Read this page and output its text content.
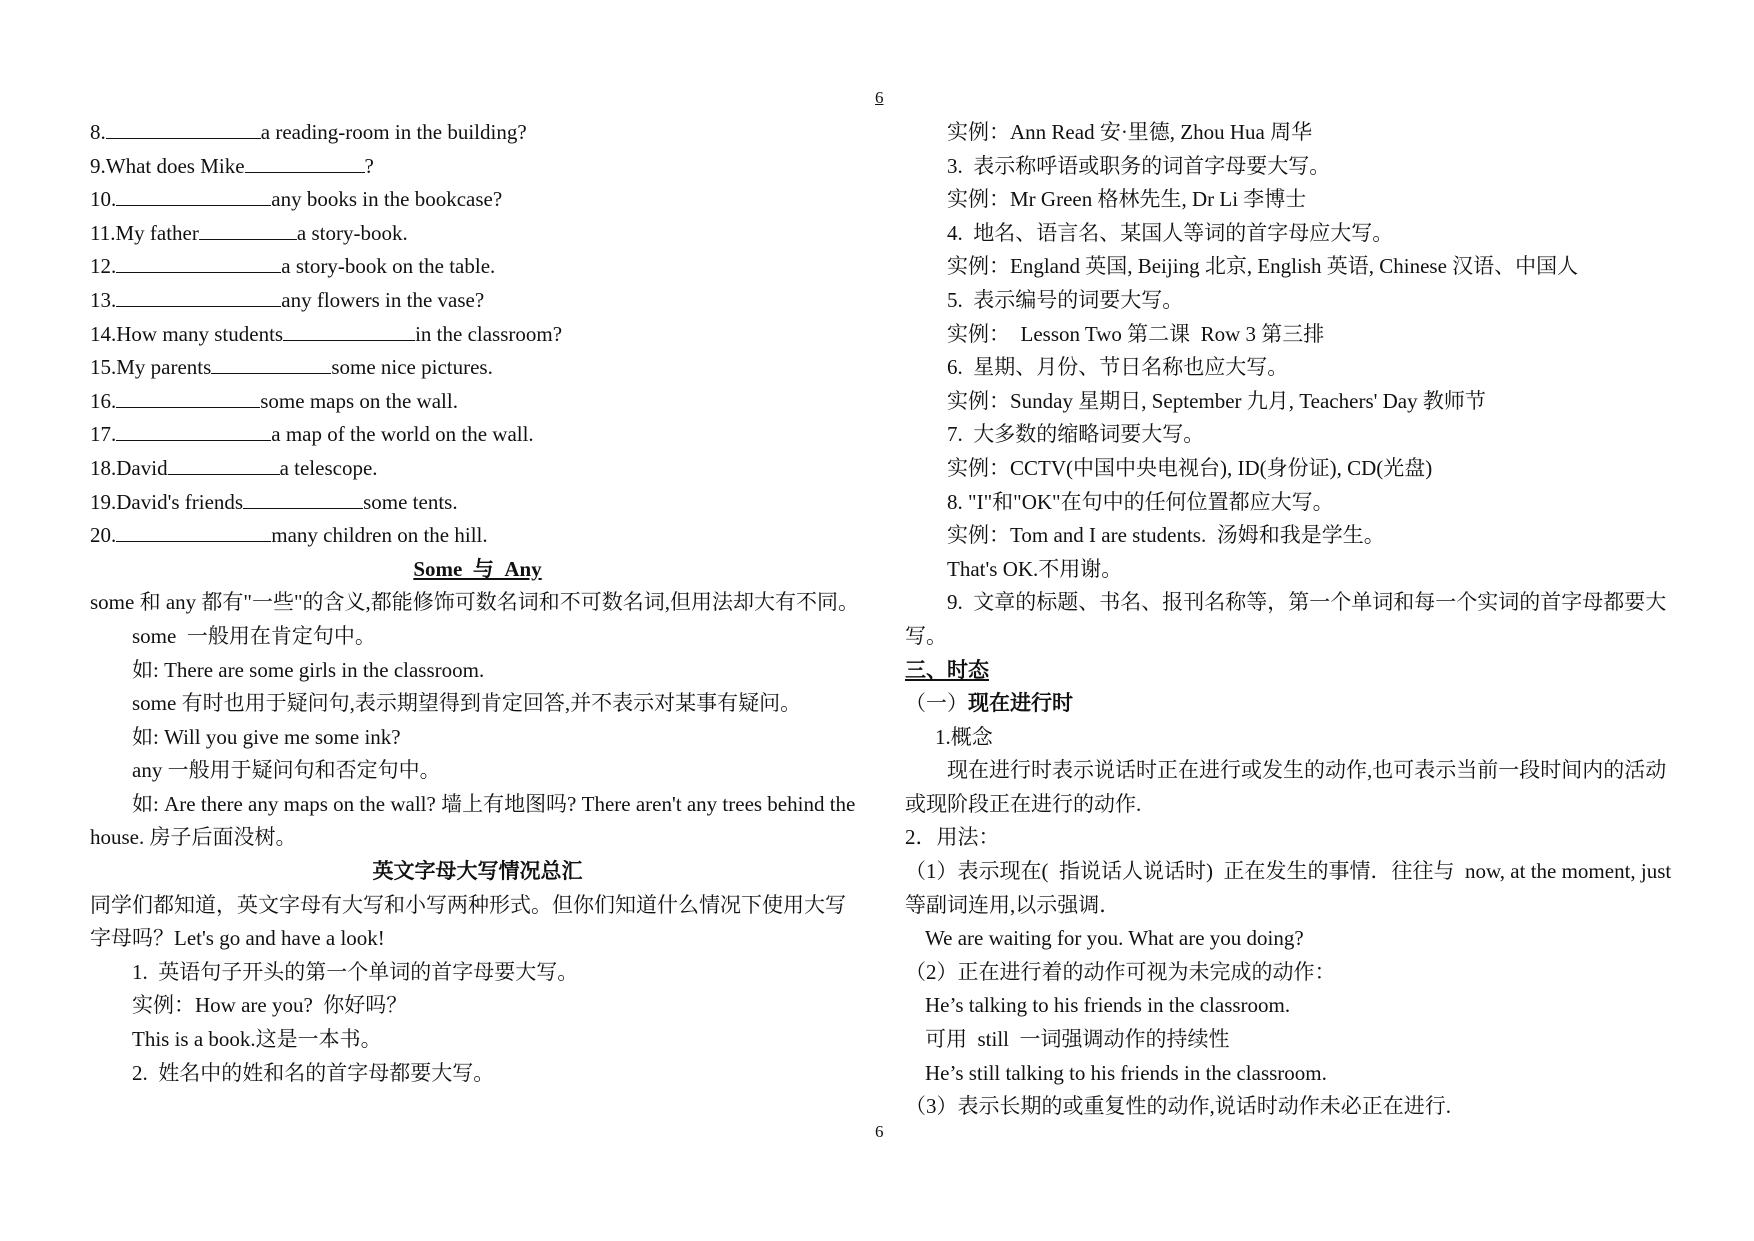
6
8.	a reading-room in the building?
9.What does Mike	?
10.	any books in the bookcase?
11.My father	a story-book.
12.	a story-book on the table.
13.	any flowers in the vase?
14.How many students	in the classroom?
15.My parents	some nice pictures.
16.	some maps on the wall.
17.	a map of the world on the wall.
18.David	a telescope.
19.David's friends	some tents.
20.	many children on the hill.
Some  与  Any
some 和 any 都有"一些"的含义,都能修饰可数名词和不可数名词,但用法却大有不同。
some  一般用在肯定句中。
如: There are some girls in the classroom.
some 有时也用于疑问句,表示期望得到肯定回答,并不表示对某事有疑问。
如: Will you give me some ink?
any 一般用于疑问句和否定句中。
如: Are there any maps on the wall? 墙上有地图吗? There aren't any trees behind the house. 房子后面没树。
英文字母大写情况总汇
同学们都知道，英文字母有大写和小写两种形式。但你们知道什么情况下使用大写字母吗？Let's go and have a look!
1.  英语句子开头的第一个单词的首字母要大写。
实例：How are you?  你好吗？
This is a book.这是一本书。
2.  姓名中的姓和名的首字母都要大写。
实例：Ann Read 安·里德, Zhou Hua 周华
3.  表示称呼语或职务的词首字母要大写。
实例：Mr Green 格林先生, Dr Li 李博士
4.  地名、语言名、某国人等词的首字母应大写。
实例：England 英国, Beijing 北京, English 英语, Chinese 汉语、中国人
5.  表示编号的词要大写。
实例：  Lesson Two 第二课  Row 3 第三排
6.  星期、月份、节日名称也应大写。
实例：Sunday 星期日, September 九月, Teachers' Day 教师节
7.  大多数的缩略词要大写。
实例：CCTV(中国中央电视台), ID(身份证), CD(光盘)
8. "I"和"OK"在句中的任何位置都应大写。
实例：Tom and I are students.  汤姆和我是学生。
That's OK.不用谢。
9.  文章的标题、书名、报刊名称等，第一个单词和每一个实词的首字母都要大写。
三、时态
（一）现在进行时
1.概念
现在进行时表示说话时正在进行或发生的动作,也可表示当前一段时间内的活动或现阶段正在进行的动作.
2．用法：
（1）表示现在(  指说话人说话时)  正在发生的事情．往往与  now, at the moment, just  等副词连用,以示强调．
We are waiting for you. What are you doing?
（2）正在进行着的动作可视为未完成的动作：
He’s talking to his friends in the classroom.
可用  still  一词强调动作的持续性
He’s still talking to his friends in the classroom.
（3）表示长期的或重复性的动作,说话时动作未必正在进行.
6
